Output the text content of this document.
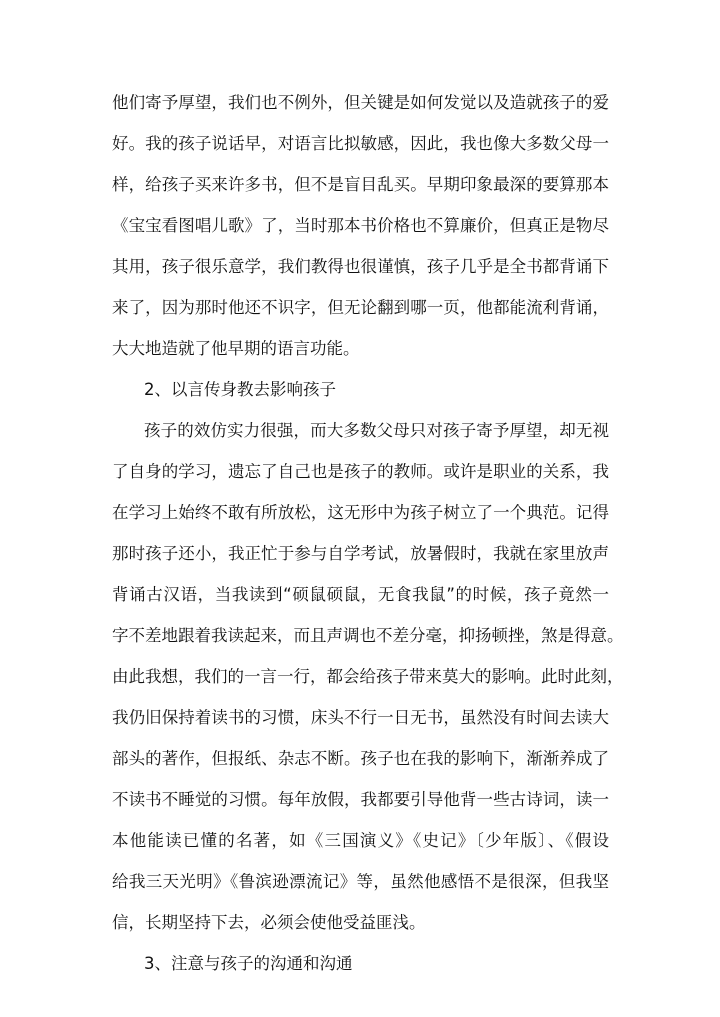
他们寄予厚望，我们也不例外，但关键是如何发觉以及造就孩子的爱
好。我的孩子说话早，对语言比拟敏感，因此，我也像大多数父母一
样，给孩子买来许多书，但不是盲目乱买。早期印象最深的要算那本
《宝宝看图唱儿歌》了，当时那本书价格也不算廉价，但真正是物尽
其用，孩子很乐意学，我们教得也很谨慎，孩子几乎是全书都背诵下
来了，因为那时他还不识字，但无论翻到哪一页，他都能流利背诵，
大大地造就了他早期的语言功能。
2、以言传身教去影响孩子
孩子的效仿实力很强，而大多数父母只对孩子寄予厚望，却无视
了自身的学习，遗忘了自己也是孩子的教师。或许是职业的关系，我
在学习上始终不敢有所放松，这无形中为孩子树立了一个典范。记得
那时孩子还小，我正忙于参与自学考试，放暑假时，我就在家里放声
背诵古汉语，当我读到“硕鼠硕鼠，无食我鼠”的时候，孩子竟然一
字不差地跟着我读起来，而且声调也不差分毫，抑扬顿挫，煞是得意。
由此我想，我们的一言一行，都会给孩子带来莫大的影响。此时此刻，
我仍旧保持着读书的习惯，床头不行一日无书，虽然没有时间去读大
部头的著作，但报纸、杂志不断。孩子也在我的影响下，渐渐养成了
不读书不睡觉的习惯。每年放假，我都要引导他背一些古诗词，读一
本他能读已懂的名著，如《三国演义》《史记》〔少年版〕、《假设
给我三天光明》《鲁滨逊漂流记》等，虽然他感悟不是很深，但我坚
信，长期坚持下去，必须会使他受益匪浅。
3、注意与孩子的沟通和沟通
